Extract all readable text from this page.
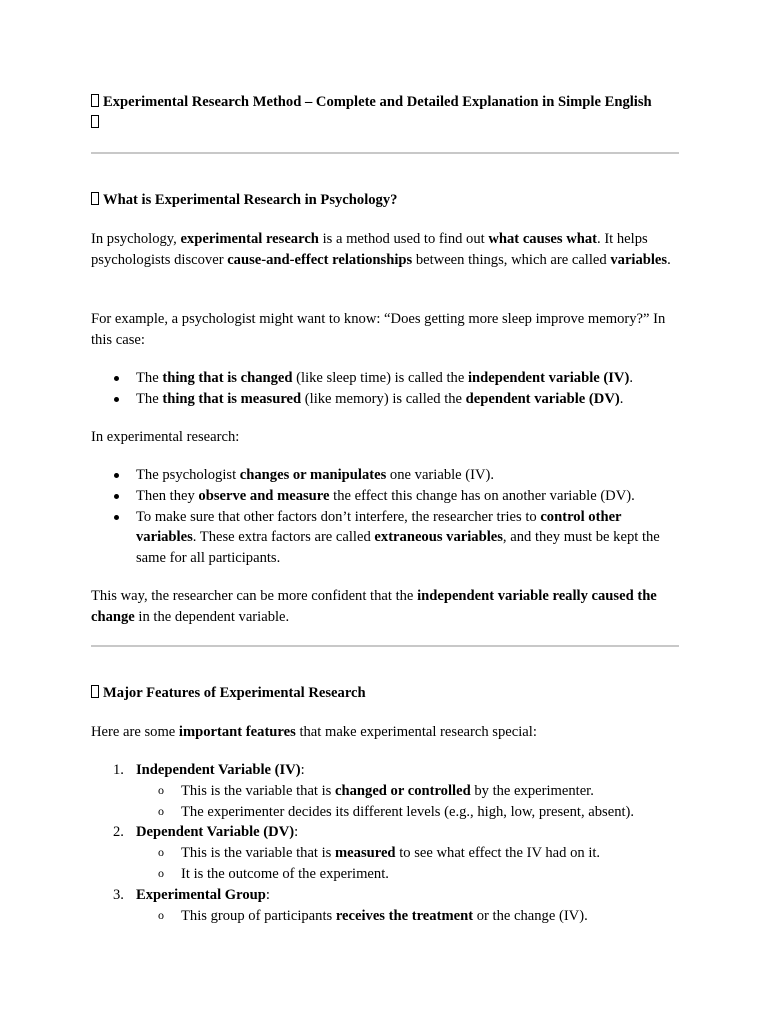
Experimental Research Method – Complete and Detailed Explanation in Simple English

What is Experimental Research in Psychology?

In psychology, experimental research is a method used to find out what causes what. It helps psychologists discover cause-and-effect relationships between things, which are called variables.

For example, a psychologist might want to know: “Does getting more sleep improve memory?” In this case:

The thing that is changed (like sleep time) is called the independent variable (IV).
The thing that is measured (like memory) is called the dependent variable (DV).

In experimental research:

The psychologist changes or manipulates one variable (IV).
Then they observe and measure the effect this change has on another variable (DV).
To make sure that other factors don’t interfere, the researcher tries to control other variables. These extra factors are called extraneous variables, and they must be kept the same for all participants.

This way, the researcher can be more confident that the independent variable really caused the change in the dependent variable.

Major Features of Experimental Research

Here are some important features that make experimental research special:

1. Independent Variable (IV):
o This is the variable that is changed or controlled by the experimenter.
o The experimenter decides its different levels (e.g., high, low, present, absent).
2. Dependent Variable (DV):
o This is the variable that is measured to see what effect the IV had on it.
o It is the outcome of the experiment.
3. Experimental Group:
o This group of participants receives the treatment or the change (IV).
